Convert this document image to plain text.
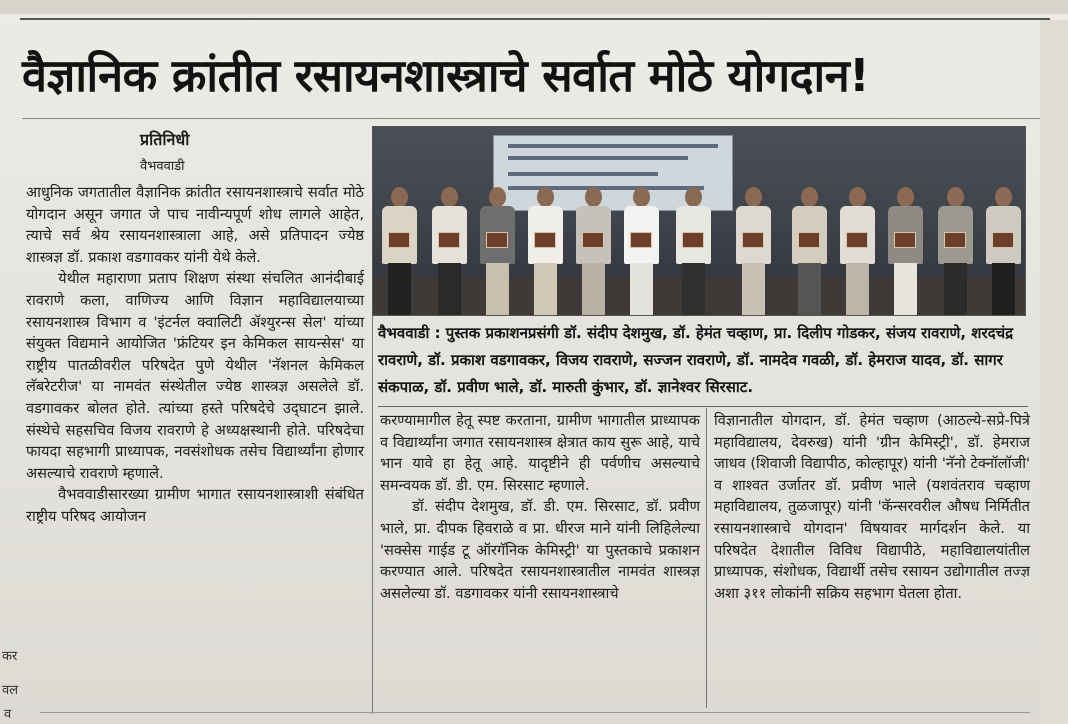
वैज्ञानिक क्रांतीत रसायनशास्त्राचे सर्वात मोठे योगदान!
प्रतिनिधी
वैभववाडी

आधुनिक जगतातील वैज्ञानिक क्रांतीत रसायनशास्त्राचे सर्वात मोठे योगदान असून जगात जे पाच नावीन्यपूर्ण शोध लागले आहेत, त्याचे सर्व श्रेय रसायनशास्त्राला आहे, असे प्रतिपादन ज्येष्ठ शास्त्रज्ञ डॉ. प्रकाश वडगावकर यांनी येथे केले.

येथील महाराणा प्रताप शिक्षण संस्था संचलित आनंदीबाई रावराणे कला, वाणिज्य आणि विज्ञान महाविद्यालयाच्या रसायनशास्त्र विभाग व 'इंटर्नल क्वालिटी ॲश्युरन्स सेल' यांच्या संयुक्त विद्यमाने आयोजित 'फ्रंटियर इन केमिकल सायन्सेस' या राष्ट्रीय पातळीवरील परिषदेत पुणे येथील 'नॅशनल केमिकल लॅबरेटरीज' या नामवंत संस्थेतील ज्येष्ठ शास्त्रज्ञ असलेले डॉ. वडगावकर बोलत होते. त्यांच्या हस्ते परिषदेचे उद्‌घाटन झाले. संस्थेचे सहसचिव विजय रावराणे हे अध्यक्षस्थानी होते. परिषदेचा फायदा सहभागी प्राध्यापक, नवसंशोधक तसेच विद्यार्थ्यांना होणार असल्याचे रावराणे म्हणाले.

वैभववाडीसारख्या ग्रामीण भागात रसायनशास्त्राशी संबंधित राष्ट्रीय परिषद आयोजन

वैभववाडी : पुस्तक प्रकाशनप्रसंगी डॉ. संदीप देशमुख, डॉ. हेमंत चव्हाण, प्रा. दिलीप गोडकर, संजय रावराणे, शरदचंद्र रावराणे, डॉ. प्रकाश वडगावकर, विजय रावराणे, सज्जन रावराणे, डॉ. नामदेव गवळी, डॉ. हेमराज यादव, डॉ. सागर संकपाळ, डॉ. प्रवीण भाले, डॉ. मारुती कुंभार, डॉ. ज्ञानेश्वर सिरसाट.

करण्यामागील हेतू स्पष्ट करताना, ग्रामीण भागातील प्राध्यापक व विद्यार्थ्यांना जगात रसायनशास्त्र क्षेत्रात काय सुरू आहे, याचे भान यावे हा हेतू आहे. यादृष्टीने ही पर्वणीच असल्याचे समन्वयक डॉ. डी. एम. सिरसाट म्हणाले.

डॉ. संदीप देशमुख, डॉ. डी. एम. सिरसाट, डॉ. प्रवीण भाले, प्रा. दीपक हिवराळे व प्रा. धीरज माने यांनी लिहिलेल्या 'सक्सेस गाईड टू ऑरगॅनिक केमिस्ट्री' या पुस्तकाचे प्रकाशन करण्यात आले. परिषदेत रसायनशास्त्रातील नामवंत शास्त्रज्ञ असलेल्या डॉ. वडगावकर यांनी रसायनशास्त्राचे

विज्ञानातील योगदान, डॉ. हेमंत चव्हाण (आठल्ये-सप्रे-पित्रे महाविद्यालय, देवरुख) यांनी 'ग्रीन केमिस्ट्री', डॉ. हेमराज जाधव (शिवाजी विद्यापीठ, कोल्हापूर) यांनी 'नॅनो टेक्नॉलॉजी' व शाश्वत उर्जातर डॉ. प्रवीण भाले (यशवंतराव चव्हाण महाविद्यालय, तुळजापूर) यांनी 'कॅन्सरवरील औषध निर्मितीत रसायनशास्त्राचे योगदान' विषयावर मार्गदर्शन केले. या परिषदेत देशातील विविध विद्यापीठे, महाविद्यालयांतील प्राध्यापक, संशोधक, विद्यार्थी तसेच रसायन उद्योगातील तज्ज्ञ अशा ३११ लोकांनी सक्रिय सहभाग घेतला होता.

कर
वल
व
